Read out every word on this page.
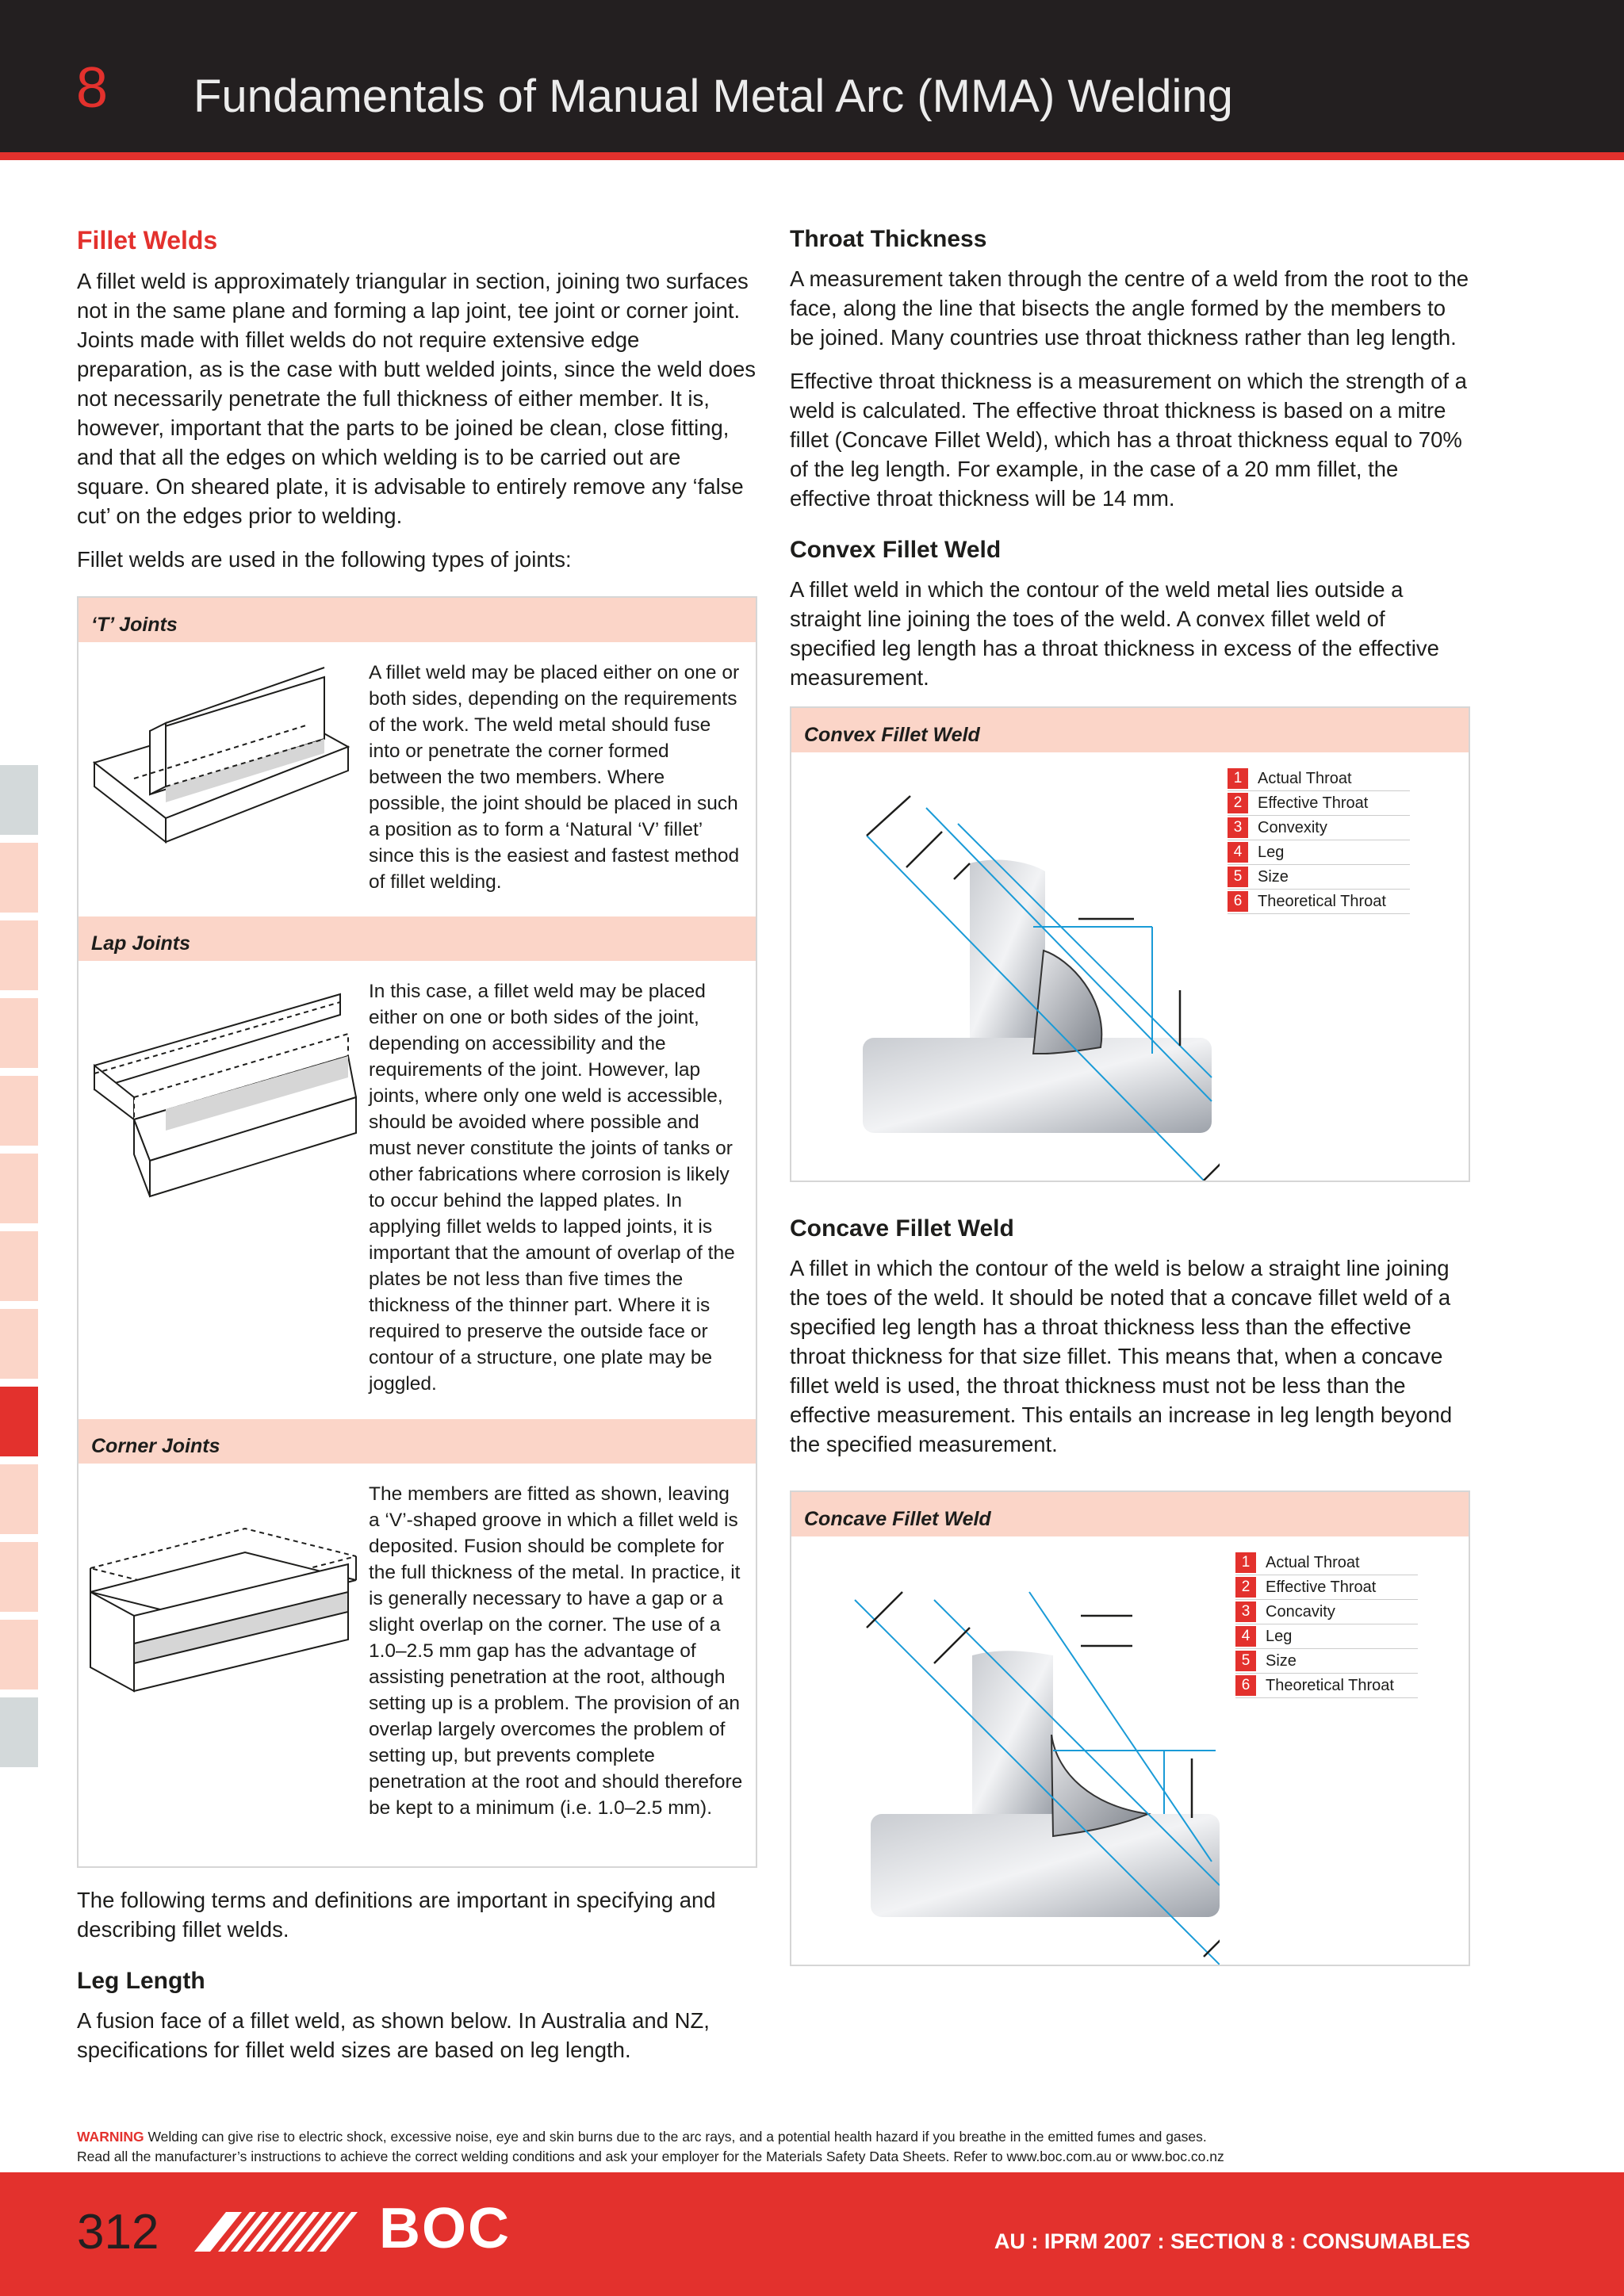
8 Fundamentals of Manual Metal Arc (MMA) Welding
Fillet Welds

A fillet weld is approximately triangular in section, joining two surfaces not in the same plane and forming a lap joint, tee joint or corner joint. Joints made with fillet welds do not require extensive edge preparation, as is the case with butt welded joints, since the weld does not necessarily penetrate the full thickness of either member. It is, however, important that the parts to be joined be clean, close fitting, and that all the edges on which welding is to be carried out are square. On sheared plate, it is advisable to entirely remove any ‘false cut’ on the edges prior to welding.

Fillet welds are used in the following types of joints:

‘T’ Joints
A fillet weld may be placed either on one or both sides, depending on the requirements of the work. The weld metal should fuse into or penetrate the corner formed between the two members. Where possible, the joint should be placed in such a position as to form a ‘Natural ‘V’ fillet’ since this is the easiest and fastest method of fillet welding.
Lap Joints
In this case, a fillet weld may be placed either on one or both sides of the joint, depending on accessibility and the requirements of the joint. However, lap joints, where only one weld is accessible, should be avoided where possible and must never constitute the joints of tanks or other fabrications where corrosion is likely to occur behind the lapped plates. In applying fillet welds to lapped joints, it is important that the amount of overlap of the plates be not less than five times the thickness of the thinner part. Where it is required to preserve the outside face or contour of a structure, one plate may be joggled.
Corner Joints
The members are fitted as shown, leaving a ‘V’-shaped groove in which a fillet weld is deposited. Fusion should be complete for the full thickness of the metal. In practice, it is generally necessary to have a gap or a slight overlap on the corner. The use of a 1.0–2.5 mm gap has the advantage of assisting penetration at the root, although setting up is a problem. The provision of an overlap largely overcomes the problem of setting up, but prevents complete penetration at the root and should therefore be kept to a minimum (i.e. 1.0–2.5 mm).

The following terms and definitions are important in specifying and describing fillet welds.

Leg Length

A fusion face of a fillet weld, as shown below. In Australia and NZ, specifications for fillet weld sizes are based on leg length.

Throat Thickness

A measurement taken through the centre of a weld from the root to the face, along the line that bisects the angle formed by the members to be joined. Many countries use throat thickness rather than leg length.

Effective throat thickness is a measurement on which the strength of a weld is calculated. The effective throat thickness is based on a mitre fillet (Concave Fillet Weld), which has a throat thickness equal to 70% of the leg length. For example, in the case of a 20 mm fillet, the effective throat thickness will be 14 mm.

Convex Fillet Weld

A fillet weld in which the contour of the weld metal lies outside a straight line joining the toes of the weld. A convex fillet weld of specified leg length has a throat thickness in excess of the effective measurement.

Convex Fillet Weld
1 Actual Throat
2 Effective Throat
3 Convexity
4 Leg
5 Size
6 Theoretical Throat
Concave Fillet Weld

A fillet in which the contour of the weld is below a straight line joining the toes of the weld. It should be noted that a concave fillet weld of a specified leg length has a throat thickness less than the effective throat thickness for that size fillet. This means that, when a concave fillet weld is used, the throat thickness must not be less than the effective measurement. This entails an increase in leg length beyond the specified measurement.

Concave Fillet Weld
1 Actual Throat
2 Effective Throat
3 Concavity
4 Leg
5 Size
6 Theoretical Throat
WARNING Welding can give rise to electric shock, excessive noise, eye and skin burns due to the arc rays, and a potential health hazard if you breathe in the emitted fumes and gases.
Read all the manufacturer’s instructions to achieve the correct welding conditions and ask your employer for the Materials Safety Data Sheets. Refer to www.boc.com.au or www.boc.co.nz
312	BOC	AU : IPRM 2007 : SECTION 8 : CONSUMABLES
